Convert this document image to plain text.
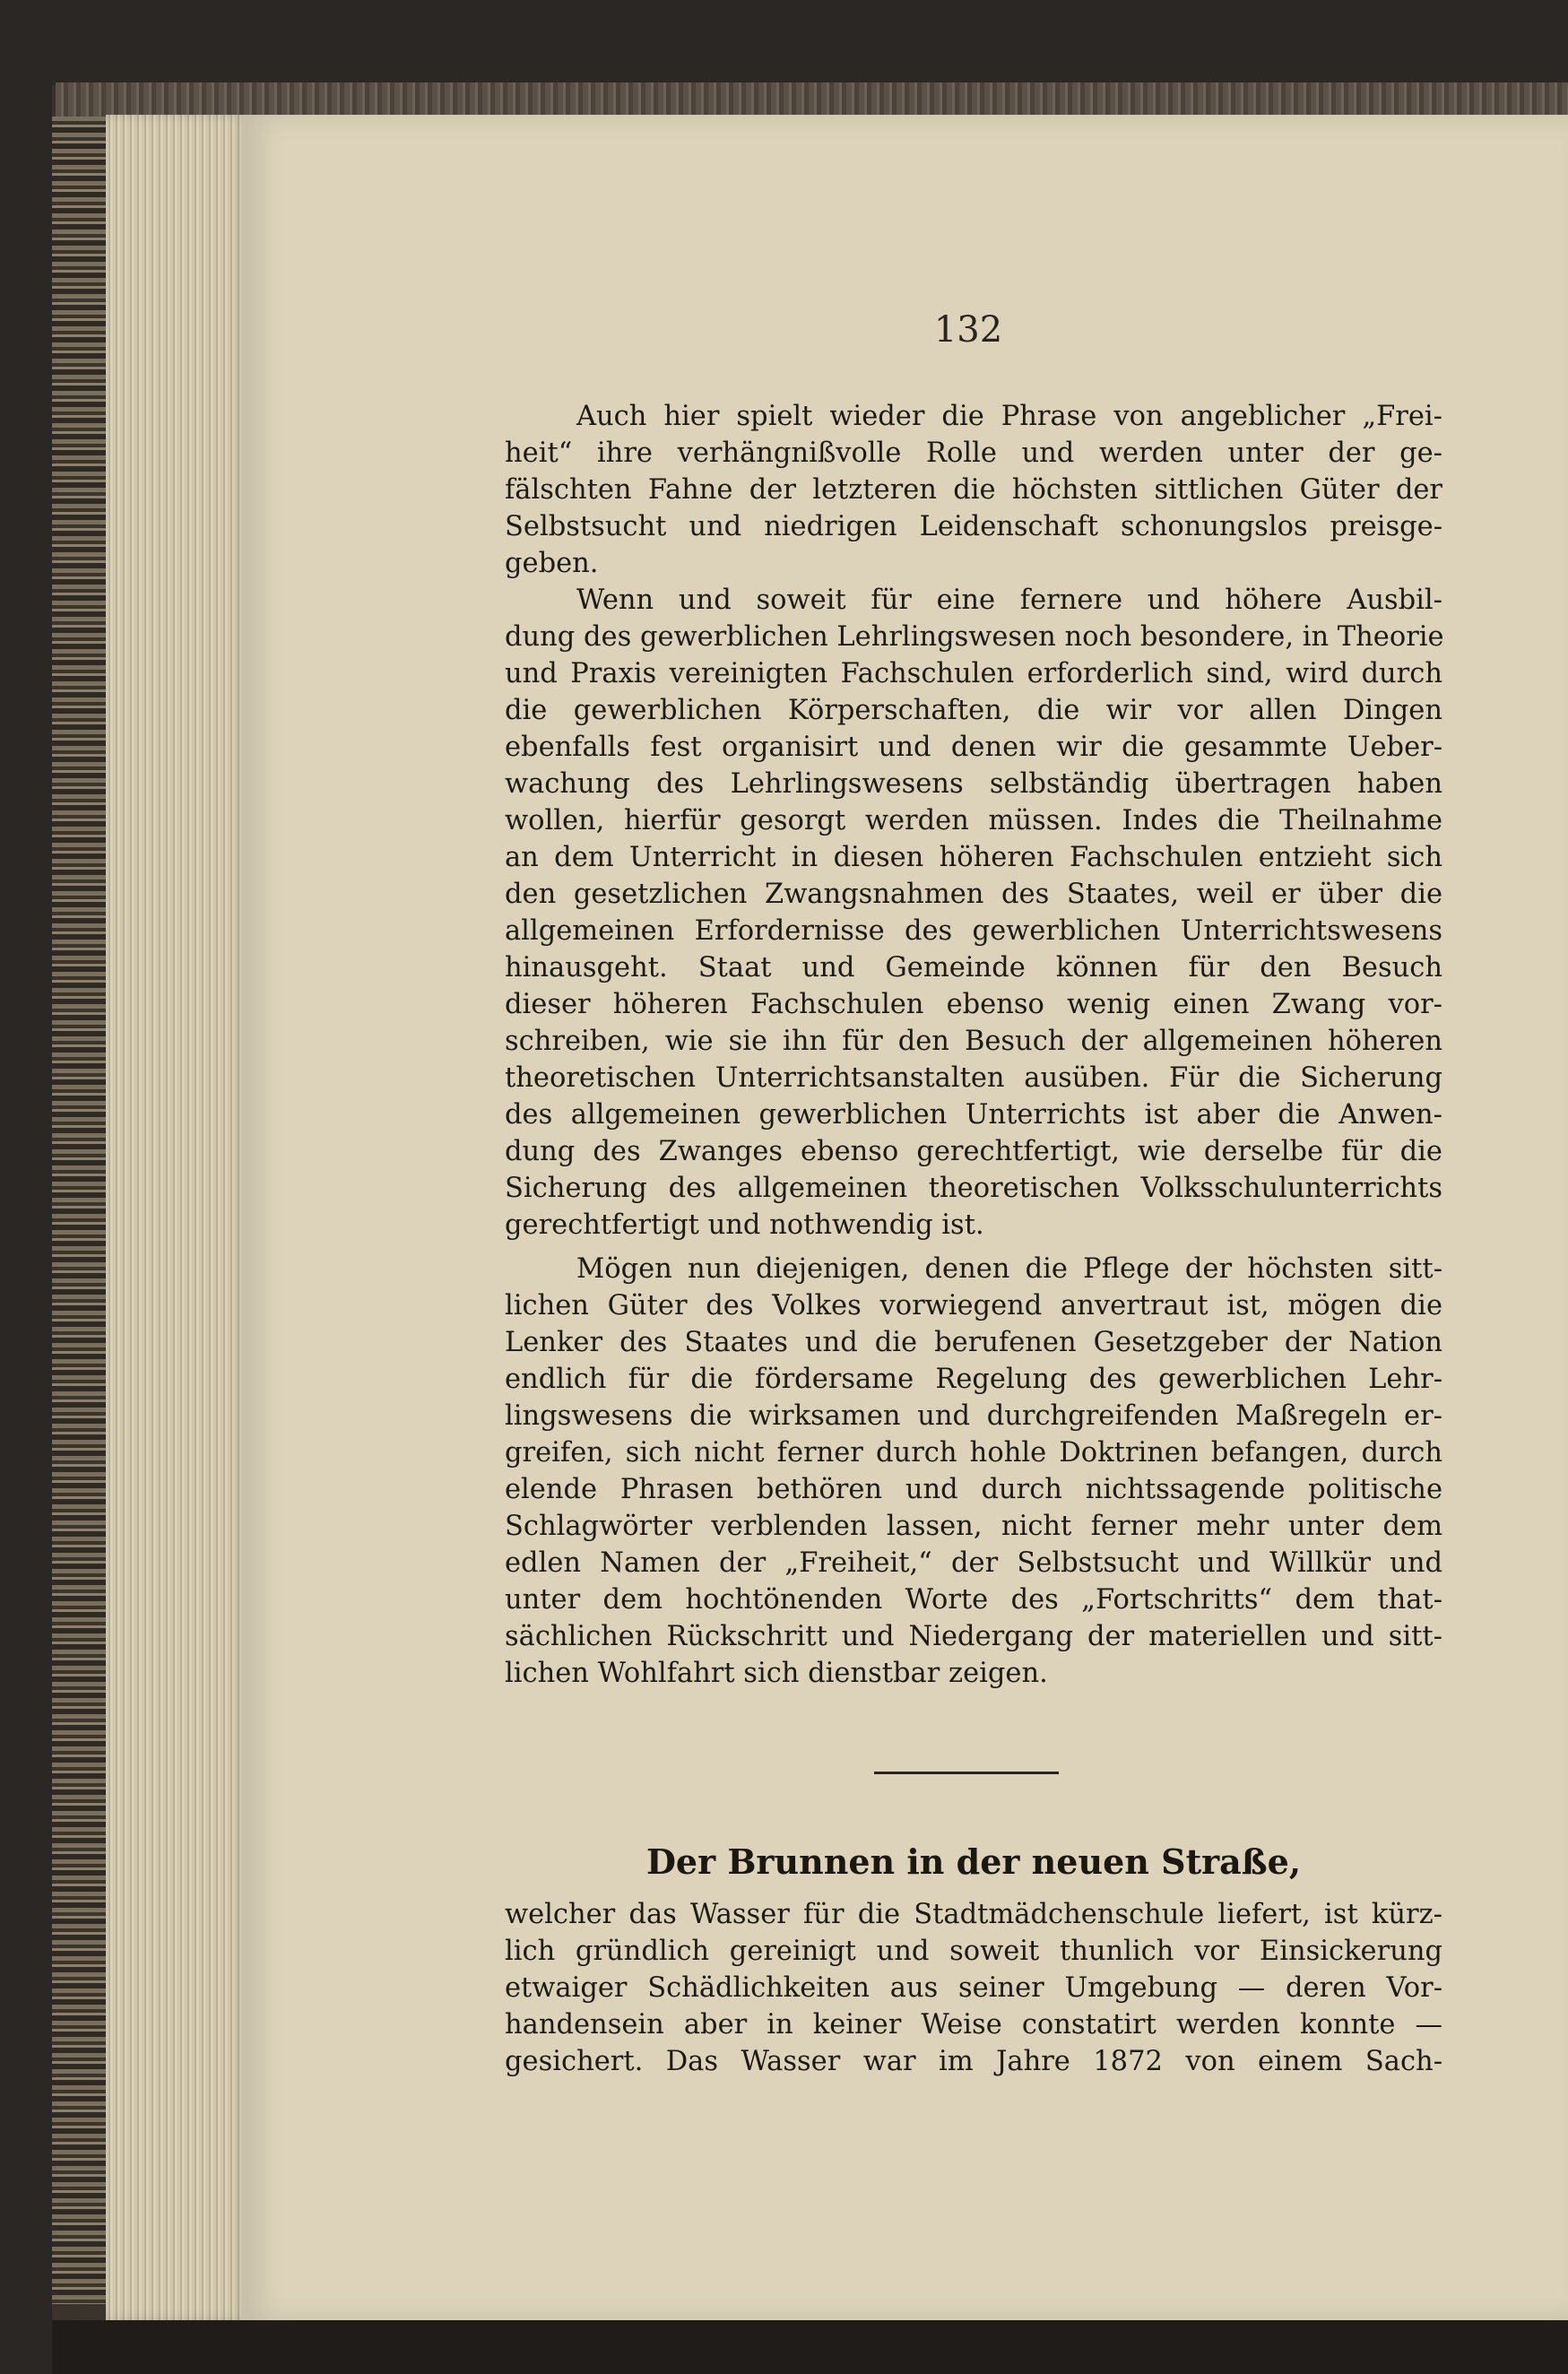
132
Auch hier spielt wieder die Phrase von angeblicher „Frei-
heit“ ihre verhängnißvolle Rolle und werden unter der ge-
fälschten Fahne der letzteren die höchsten sittlichen Güter der
Selbstsucht und niedrigen Leidenschaft schonungslos preisge-
geben.
Wenn und soweit für eine fernere und höhere Ausbil-
dung des gewerblichen Lehrlingswesen noch besondere, in Theorie
und Praxis vereinigten Fachschulen erforderlich sind, wird durch
die gewerblichen Körperschaften, die wir vor allen Dingen
ebenfalls fest organisirt und denen wir die gesammte Ueber-
wachung des Lehrlingswesens selbständig übertragen haben
wollen, hierfür gesorgt werden müssen. Indes die Theilnahme
an dem Unterricht in diesen höheren Fachschulen entzieht sich
den gesetzlichen Zwangsnahmen des Staates, weil er über die
allgemeinen Erfordernisse des gewerblichen Unterrichtswesens
hinausgeht. Staat und Gemeinde können für den Besuch
dieser höheren Fachschulen ebenso wenig einen Zwang vor-
schreiben, wie sie ihn für den Besuch der allgemeinen höheren
theoretischen Unterrichtsanstalten ausüben. Für die Sicherung
des allgemeinen gewerblichen Unterrichts ist aber die Anwen-
dung des Zwanges ebenso gerechtfertigt, wie derselbe für die
Sicherung des allgemeinen theoretischen Volksschulunterrichts
gerechtfertigt und nothwendig ist.
Mögen nun diejenigen, denen die Pflege der höchsten sitt-
lichen Güter des Volkes vorwiegend anvertraut ist, mögen die
Lenker des Staates und die berufenen Gesetzgeber der Nation
endlich für die fördersame Regelung des gewerblichen Lehr-
lingswesens die wirksamen und durchgreifenden Maßregeln er-
greifen, sich nicht ferner durch hohle Doktrinen befangen, durch
elende Phrasen bethören und durch nichtssagende politische
Schlagwörter verblenden lassen, nicht ferner mehr unter dem
edlen Namen der „Freiheit,“ der Selbstsucht und Willkür und
unter dem hochtönenden Worte des „Fortschritts“ dem that-
sächlichen Rückschritt und Niedergang der materiellen und sitt-
lichen Wohlfahrt sich dienstbar zeigen.
Der Brunnen in der neuen Straße,
welcher das Wasser für die Stadtmädchenschule liefert, ist kürz-
lich gründlich gereinigt und soweit thunlich vor Einsickerung
etwaiger Schädlichkeiten aus seiner Umgebung — deren Vor-
handensein aber in keiner Weise constatirt werden konnte —
gesichert. Das Wasser war im Jahre 1872 von einem Sach-
